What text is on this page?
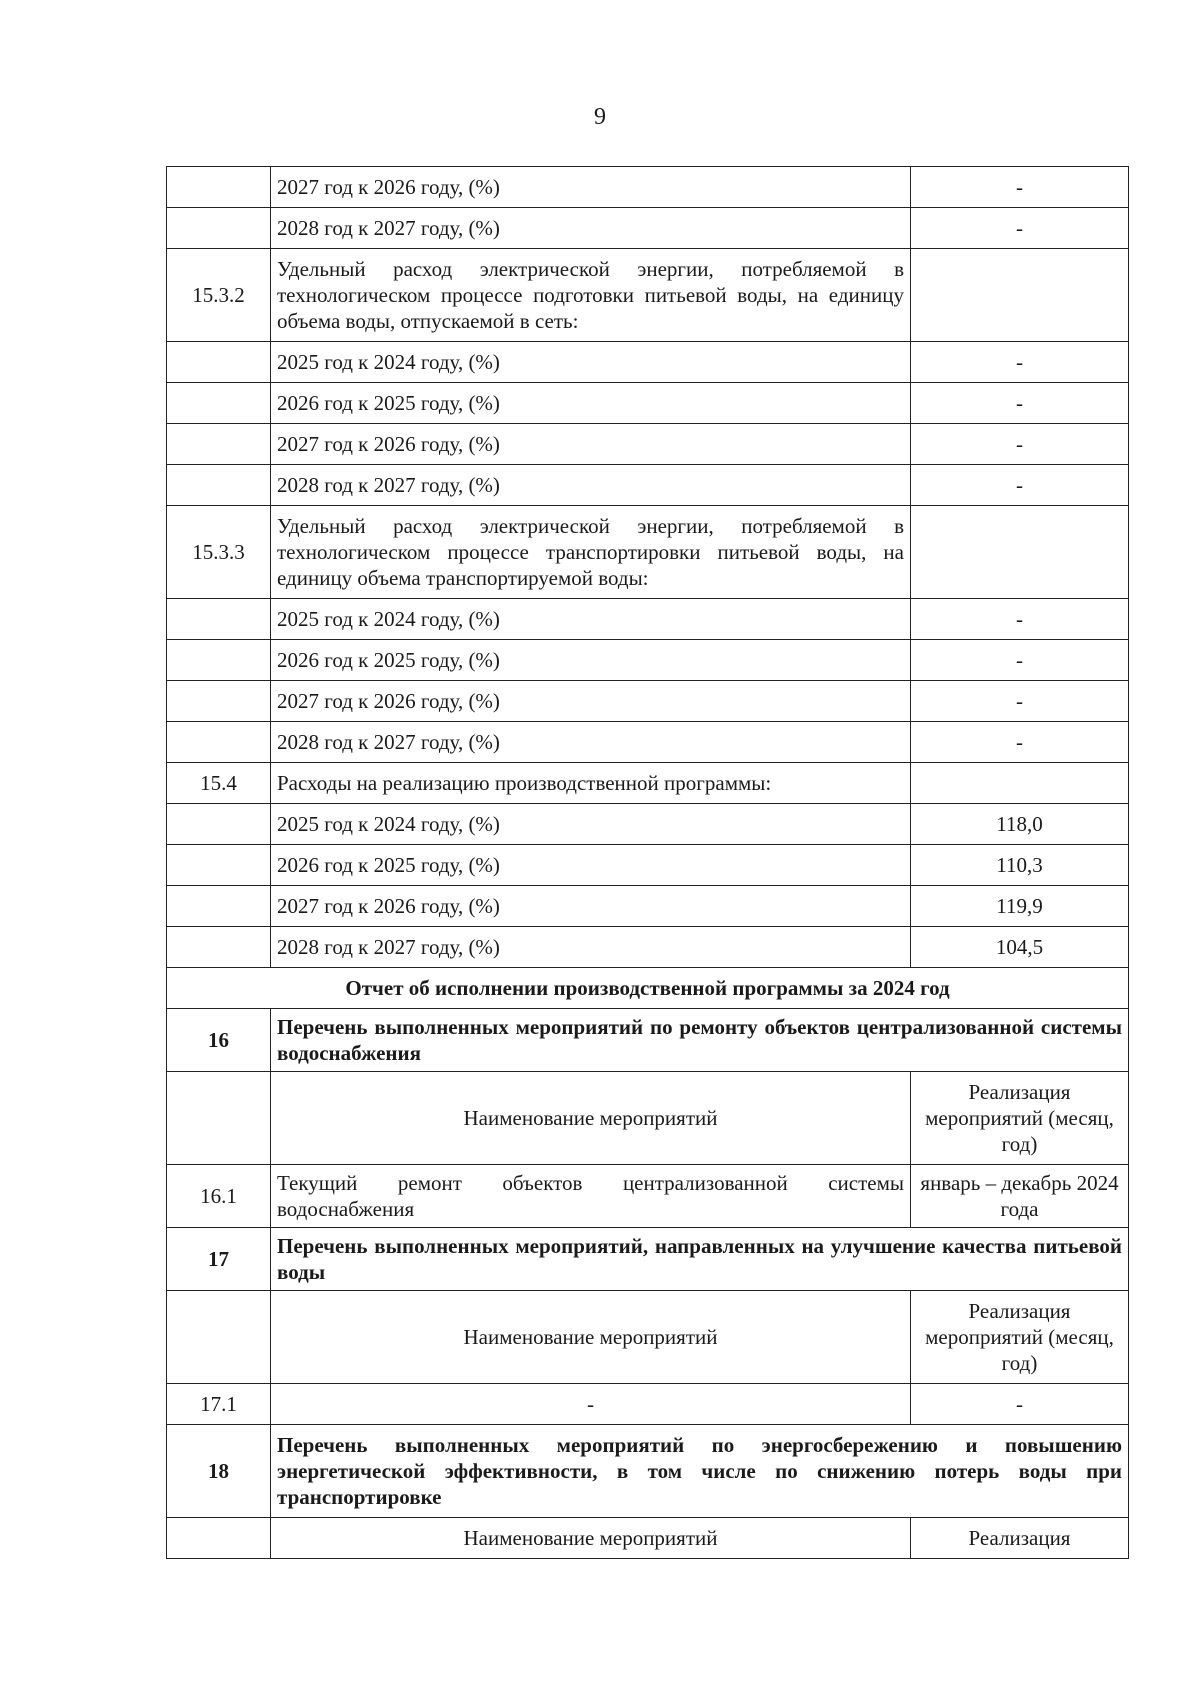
9
	2027 год к 2026 году, (%)	-
	2028 год к 2027 году, (%)	-
15.3.2	Удельный расход электрической энергии, потребляемой в технологическом процессе подготовки питьевой воды, на единицу объема воды, отпускаемой в сеть:	
	2025 год к 2024 году, (%)	-
	2026 год к 2025 году, (%)	-
	2027 год к 2026 году, (%)	-
	2028 год к 2027 году, (%)	-
15.3.3	Удельный расход электрической энергии, потребляемой в технологическом процессе транспортировки питьевой воды, на единицу объема транспортируемой воды:	
	2025 год к 2024 году, (%)	-
	2026 год к 2025 году, (%)	-
	2027 год к 2026 году, (%)	-
	2028 год к 2027 году, (%)	-
15.4	Расходы на реализацию производственной программы:	
	2025 год к 2024 году, (%)	118,0
	2026 год к 2025 году, (%)	110,3
	2027 год к 2026 году, (%)	119,9
	2028 год к 2027 году, (%)	104,5
Отчет об исполнении производственной программы за 2024 год		
16	Перечень выполненных мероприятий по ремонту объектов централизованной системы водоснабжения	
	Наименование мероприятий	Реализация мероприятий (месяц, год)
16.1	Текущий ремонт объектов централизованной системы водоснабжения	январь – декабрь 2024 года
17	Перечень выполненных мероприятий, направленных на улучшение качества питьевой воды	
	Наименование мероприятий	Реализация мероприятий (месяц, год)
17.1	-	-
18	Перечень выполненных мероприятий по энергосбережению и повышению энергетической эффективности, в том числе по снижению потерь воды при транспортировке	
	Наименование мероприятий	Реализация
